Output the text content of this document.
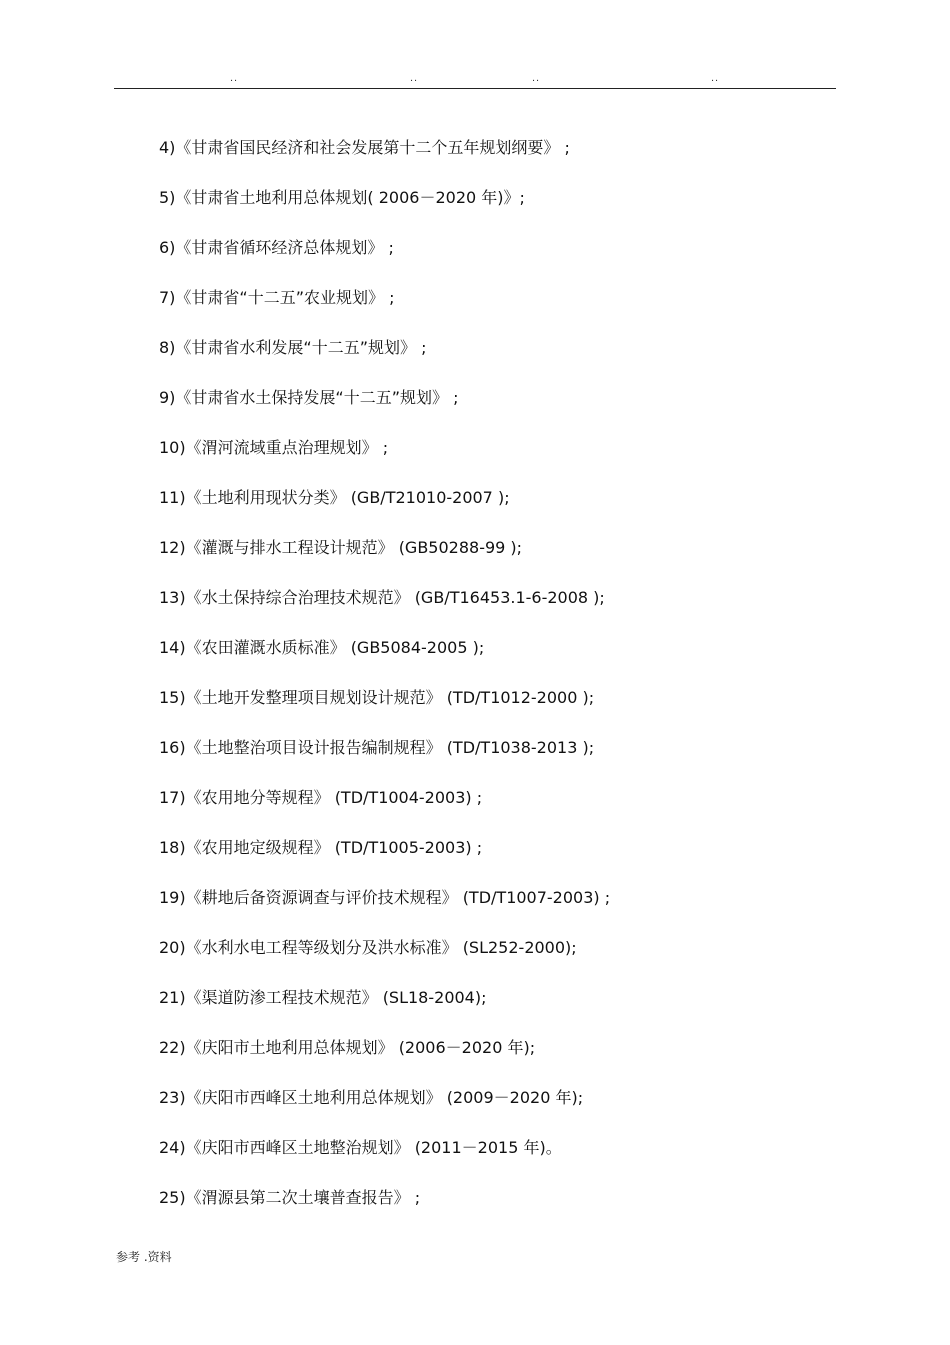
..	..	..	..
4)《甘肃省国民经济和社会发展第十二个五年规划纲要》 ;
5)《甘肃省土地利用总体规划( 2006－2020 年)》;
6)《甘肃省循环经济总体规划》 ;
7)《甘肃省“十二五”农业规划》 ;
8)《甘肃省水利发展“十二五”规划》 ;
9)《甘肃省水土保持发展“十二五”规划》 ;
10)《渭河流域重点治理规划》 ;
11)《土地利用现状分类》 (GB/T21010-2007 );
12)《灌溉与排水工程设计规范》 (GB50288-99 );
13)《水土保持综合治理技术规范》 (GB/T16453.1-6-2008 );
14)《农田灌溉水质标准》 (GB5084-2005 );
15)《土地开发整理项目规划设计规范》 (TD/T1012-2000 );
16)《土地整治项目设计报告编制规程》 (TD/T1038-2013 );
17)《农用地分等规程》 (TD/T1004-2003) ;
18)《农用地定级规程》 (TD/T1005-2003) ;
19)《耕地后备资源调查与评价技术规程》 (TD/T1007-2003) ;
20)《水利水电工程等级划分及洪水标准》 (SL252-2000);
21)《渠道防渗工程技术规范》 (SL18-2004);
22)《庆阳市土地利用总体规划》 (2006－2020 年);
23)《庆阳市西峰区土地利用总体规划》 (2009－2020 年);
24)《庆阳市西峰区土地整治规划》 (2011－2015 年)。
25)《渭源县第二次土壤普查报告》 ;
参考 .资料
